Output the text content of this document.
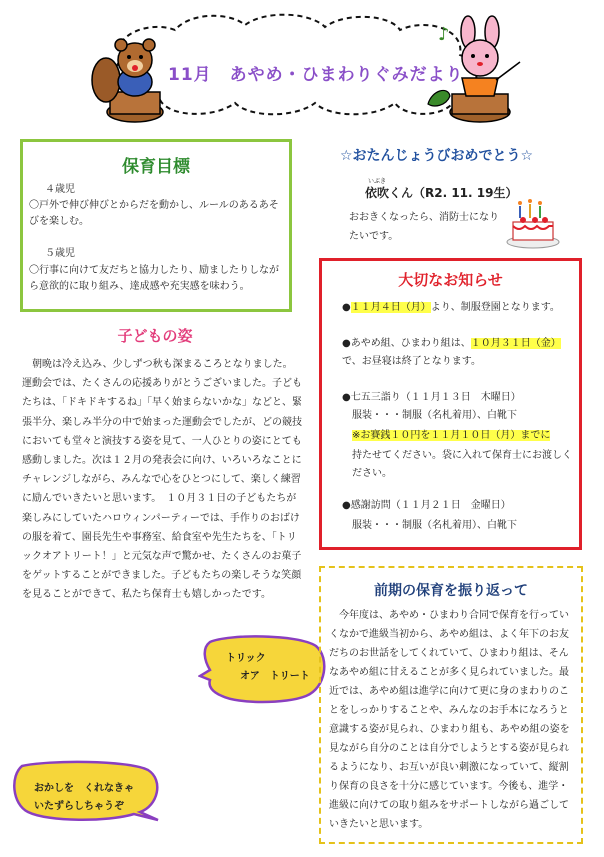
♪
11月　あやめ・ひまわりぐみだより
保育目標
４歳児
〇戸外で伸び伸びとからだを動かし、ルールのあるあそびを楽しむ。
５歳児
〇行事に向けて友だちと協力したり、励ましたりしながら意欲的に取り組み、達成感や充実感を味わう。
子どもの姿
朝晩は冷え込み、少しずつ秋も深まるころとなりました。運動会では、たくさんの応援ありがとうございました。子どもたちは、「ドキドキするね」「早く始まらないかな」などと、緊張半分、楽しみ半分の中で始まった運動会でしたが、どの競技においても堂々と演技する姿を見て、一人ひとりの姿にとても感動しました。次は１２月の発表会に向け、いろいろなことにチャレンジしながら、みんなで心をひとつにして、楽しく練習に励んでいきたいと思います。　１０月３１日の子どもたちが楽しみにしていたハロウィンパーティーでは、手作りのおばけの服を着て、園長先生や事務室、給食室や先生たちを、「トリックオアトリート！」と元気な声で驚かせ、たくさんのお菓子をゲットすることができました。子どもたちの楽しそうな笑顔を見ることができて、私たち保育士も嬉しかったです。
トリック
オア　トリート
おかしを　くれなきゃ
いたずらしちゃうぞ
☆おたんじょうびおめでとう☆
いぶき
依吹くん（R2. 11. 19生）
おおきくなったら、消防士になりたいです。
大切なお知らせ
●１１月４日（月）より、制服登園となります。
●あやめ組、ひまわり組は、１０月３１日（金）で、お昼寝は終了となります。
●七五三詣り（１１月１３日　木曜日）
服装・・・制服（名札着用）、白靴下
※お賽銭１０円を１１月１０日（月）までに
持たせてください。袋に入れて保育士にお渡しください。
●感謝訪問（１１月２１日　金曜日）
服装・・・制服（名札着用）、白靴下
前期の保育を振り返って
今年度は、あやめ・ひまわり合同で保育を行っていくなかで進級当初から、あやめ組は、よく年下のお友だちのお世話をしてくれていて、ひまわり組は、そんなあやめ組に甘えることが多く見られていました。最近では、あやめ組は進学に向けて更に身のまわりのことをしっかりすることや、みんなのお手本になろうと意識する姿が見られ、ひまわり組も、あやめ組の姿を見ながら自分のことは自分でしようとする姿が見られるようになり、お互いが良い刺激になっていて、縦割り保育の良さを十分に感じています。今後も、進学・進級に向けての取り組みをサポートしながら過ごしていきたいと思います。
